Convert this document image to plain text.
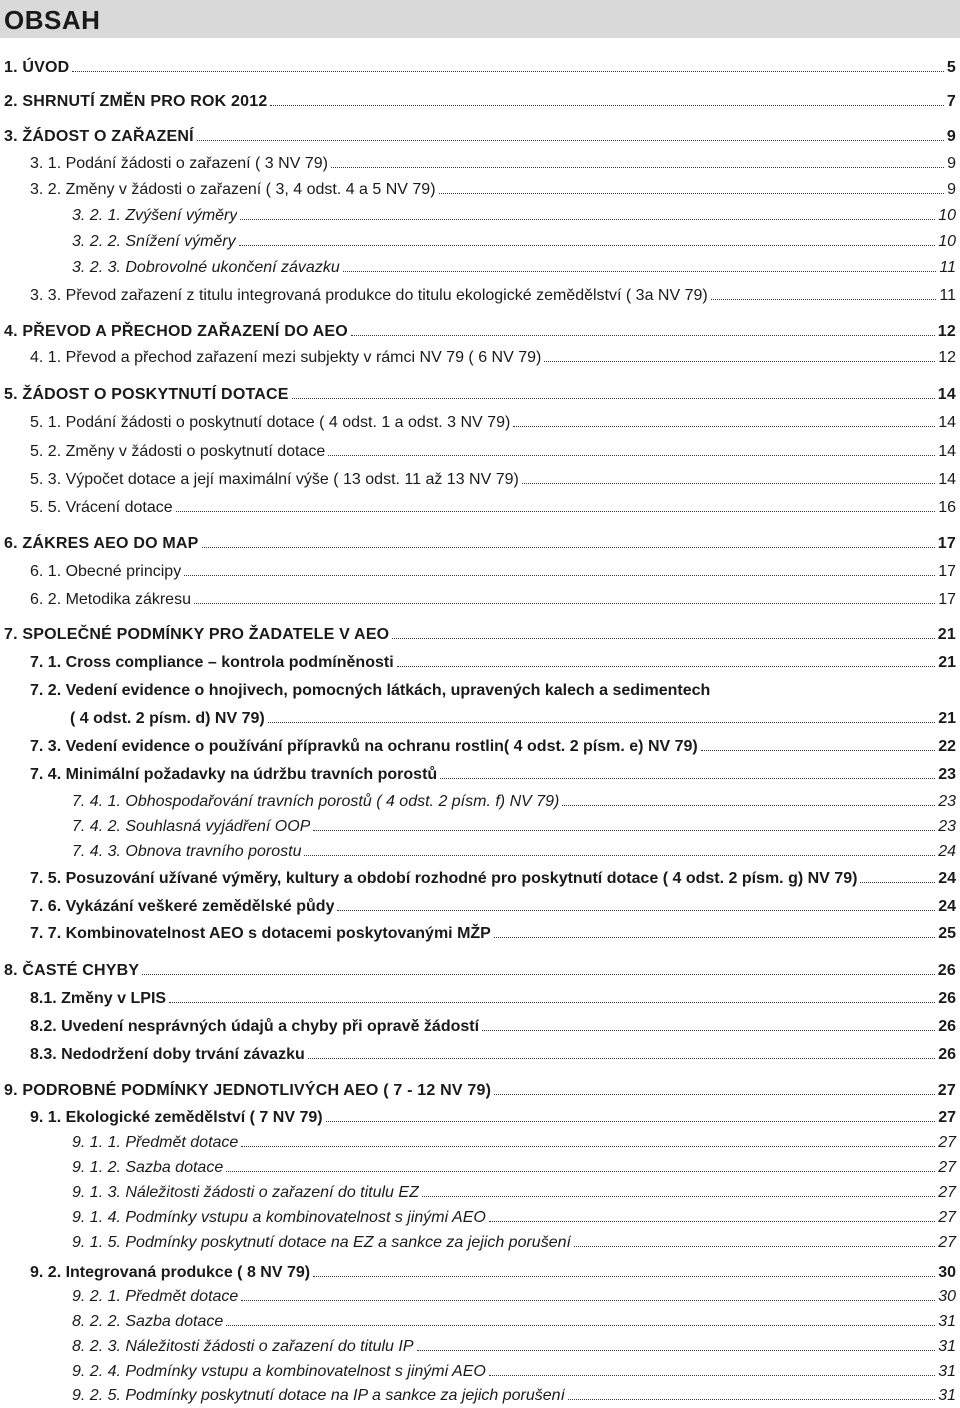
OBSAH
1. ÚVOD	5
2. SHRNUTÍ ZMĚN PRO ROK 2012	7
3. ŽÁDOST O ZAŘAZENÍ	9
3. 1. Podání žádosti o zařazení ( 3 NV 79)	9
3. 2. Změny v žádosti o zařazení ( 3, 4 odst. 4 a 5 NV 79)	9
3. 2. 1. Zvýšení výměry	10
3. 2. 2. Snížení výměry	10
3. 2. 3. Dobrovolné ukončení závazku	11
3. 3. Převod zařazení z titulu integrovaná produkce do titulu ekologické zemědělství ( 3a NV 79)	11
4. PŘEVOD A PŘECHOD ZAŘAZENÍ DO AEO	12
4. 1. Převod a přechod zařazení mezi subjekty v rámci NV 79 ( 6 NV 79)	12
5. ŽÁDOST O POSKYTNUTÍ DOTACE	14
5. 1. Podání žádosti o poskytnutí dotace ( 4 odst. 1 a odst. 3 NV 79)	14
5. 2. Změny v žádosti o poskytnutí dotace	14
5. 3. Výpočet dotace a její maximální výše ( 13 odst. 11 až 13 NV 79)	14
5. 5. Vrácení dotace	16
6. ZÁKRES AEO DO MAP	17
6. 1. Obecné principy	17
6. 2. Metodika zákresu	17
7. SPOLEČNÉ PODMÍNKY PRO ŽADATELE V AEO	21
7. 1. Cross compliance – kontrola podmíněnosti	21
7. 2. Vedení evidence o hnojivech, pomocných látkách, upravených kalech a sedimentech
( 4 odst. 2 písm. d) NV 79)	21
7. 3. Vedení evidence o používání přípravků na ochranu rostlin( 4 odst. 2 písm. e) NV 79)	22
7. 4. Minimální požadavky na údržbu travních porostů	23
7. 4. 1. Obhospodařování travních porostů ( 4 odst. 2 písm. f) NV 79)	23
7. 4. 2. Souhlasná vyjádření OOP	23
7. 4. 3. Obnova travního porostu	24
7. 5. Posuzování užívané výměry, kultury a období rozhodné pro poskytnutí dotace ( 4 odst. 2 písm. g) NV 79)	24
7. 6. Vykázání veškeré zemědělské půdy	24
7. 7. Kombinovatelnost AEO s dotacemi poskytovanými MŽP	25
8. ČASTÉ CHYBY	26
8.1. Změny v LPIS	26
8.2. Uvedení nesprávných údajů a chyby při opravě žádostí	26
8.3. Nedodržení doby trvání závazku	26
9. PODROBNÉ PODMÍNKY JEDNOTLIVÝCH AEO ( 7 - 12 NV 79)	27
9. 1. Ekologické zemědělství ( 7 NV 79)	27
9. 1. 1. Předmět dotace	27
9. 1. 2. Sazba dotace	27
9. 1. 3. Náležitosti žádosti o zařazení do titulu EZ	27
9. 1. 4. Podmínky vstupu a kombinovatelnost s jinými AEO	27
9. 1. 5. Podmínky poskytnutí dotace na EZ a sankce za jejich porušení	27
9. 2. Integrovaná produkce ( 8 NV 79)	30
9. 2. 1. Předmět dotace	30
8. 2. 2. Sazba dotace	31
8. 2. 3. Náležitosti žádosti o zařazení do titulu IP	31
9. 2. 4. Podmínky vstupu a kombinovatelnost s jinými AEO	31
9. 2. 5. Podmínky poskytnutí dotace na IP a sankce za jejich porušení	31
